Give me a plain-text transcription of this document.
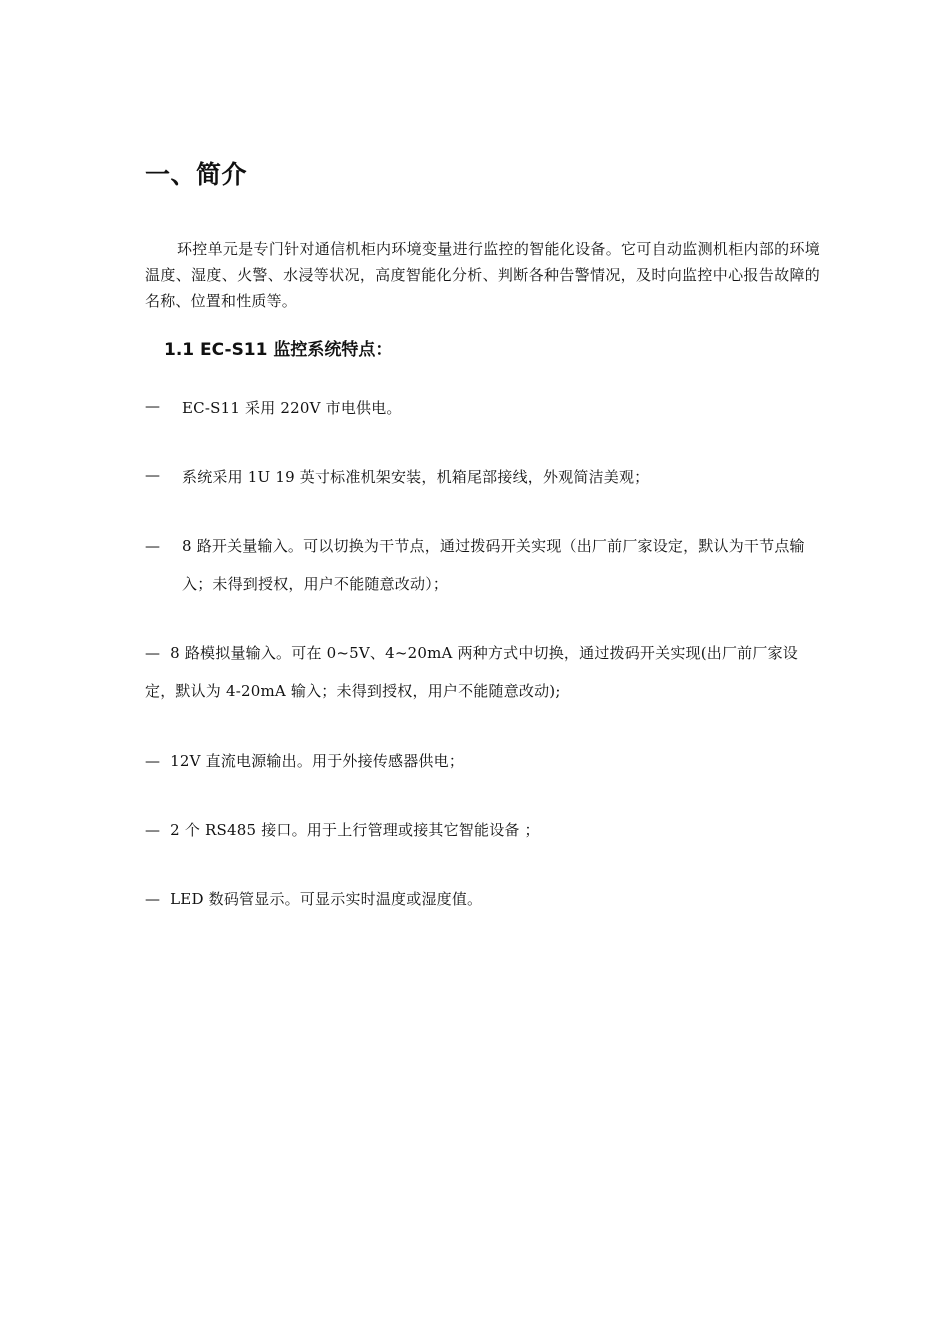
一、简介
环控单元是专门针对通信机柜内环境变量进行监控的智能化设备。它可自动监测机柜内部的环境温度、湿度、火警、水浸等状况，高度智能化分析、判断各种告警情况，及时向监控中心报告故障的名称、位置和性质等。
1.1 EC-S11 监控系统特点：
— EC-S11 采用 220V 市电供电。
— 系统采用 1U 19 英寸标准机架安装，机箱尾部接线，外观简洁美观；
— 8 路开关量输入。可以切换为干节点，通过拨码开关实现（出厂前厂家设定，默认为干节点输入；未得到授权，用户不能随意改动）；
— 8 路模拟量输入。可在 0~5V、4~20mA 两种方式中切换，通过拨码开关实现(出厂前厂家设定，默认为 4-20mA 输入；未得到授权，用户不能随意改动);
— 12V 直流电源输出。用于外接传感器供电；
— 2 个 RS485 接口。用于上行管理或接其它智能设备 ；
— LED 数码管显示。可显示实时温度或湿度值。
